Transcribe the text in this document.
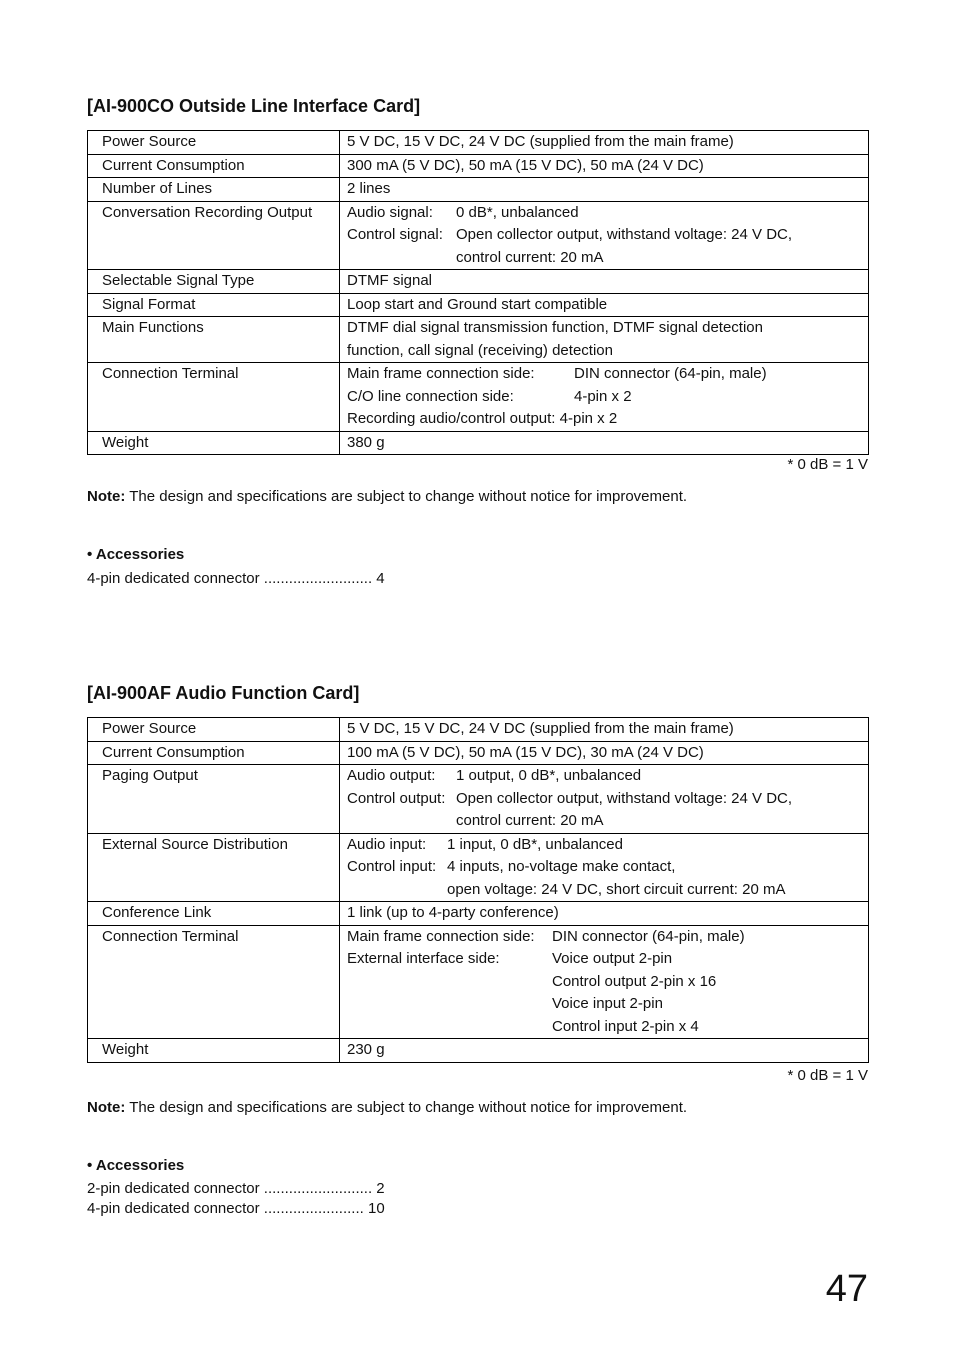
[AI-900CO Outside Line Interface Card]
Power Source	5 V DC, 15 V DC, 24 V DC (supplied from the main frame)
Current Consumption	300 mA (5 V DC), 50 mA (15 V DC), 50 mA (24 V DC)
Number of Lines	2 lines
Conversation Recording Output	Audio signal: 0 dB*, unbalanced
Control signal: Open collector output, withstand voltage: 24 V DC,
control current: 20 mA

Selectable Signal Type	DTMF signal
Signal Format	Loop start and Ground start compatible
Main Functions	DTMF dial signal transmission function, DTMF signal detection
function, call signal (receiving) detection

Connection Terminal	Main frame connection side: DIN connector (64-pin, male)
C/O line connection side: 4-pin x 2
Recording audio/control output: 4-pin x 2

Weight	380 g
* 0 dB = 1 V
Note: The design and specifications are subject to change without notice for improvement.
• Accessories
4-pin dedicated connector .......................... 4
[AI-900AF Audio Function Card]
Power Source	5 V DC, 15 V DC, 24 V DC (supplied from the main frame)
Current Consumption	100 mA (5 V DC), 50 mA (15 V DC), 30 mA (24 V DC)
Paging Output	Audio output: 1 output, 0 dB*, unbalanced
Control output: Open collector output, withstand voltage: 24 V DC,
control current: 20 mA

External Source Distribution	Audio input: 1 input, 0 dB*, unbalanced
Control input: 4 inputs, no-voltage make contact,
open voltage: 24 V DC, short circuit current: 20 mA

Conference Link	1 link (up to 4-party conference)
Connection Terminal	Main frame connection side: DIN connector (64-pin, male)
External interface side: Voice output 2-pin
Control output 2-pin x 16
Voice input 2-pin
Control input 2-pin x 4

Weight	230 g
* 0 dB = 1 V
Note: The design and specifications are subject to change without notice for improvement.
• Accessories
2-pin dedicated connector .......................... 2
4-pin dedicated connector ........................ 10
47
